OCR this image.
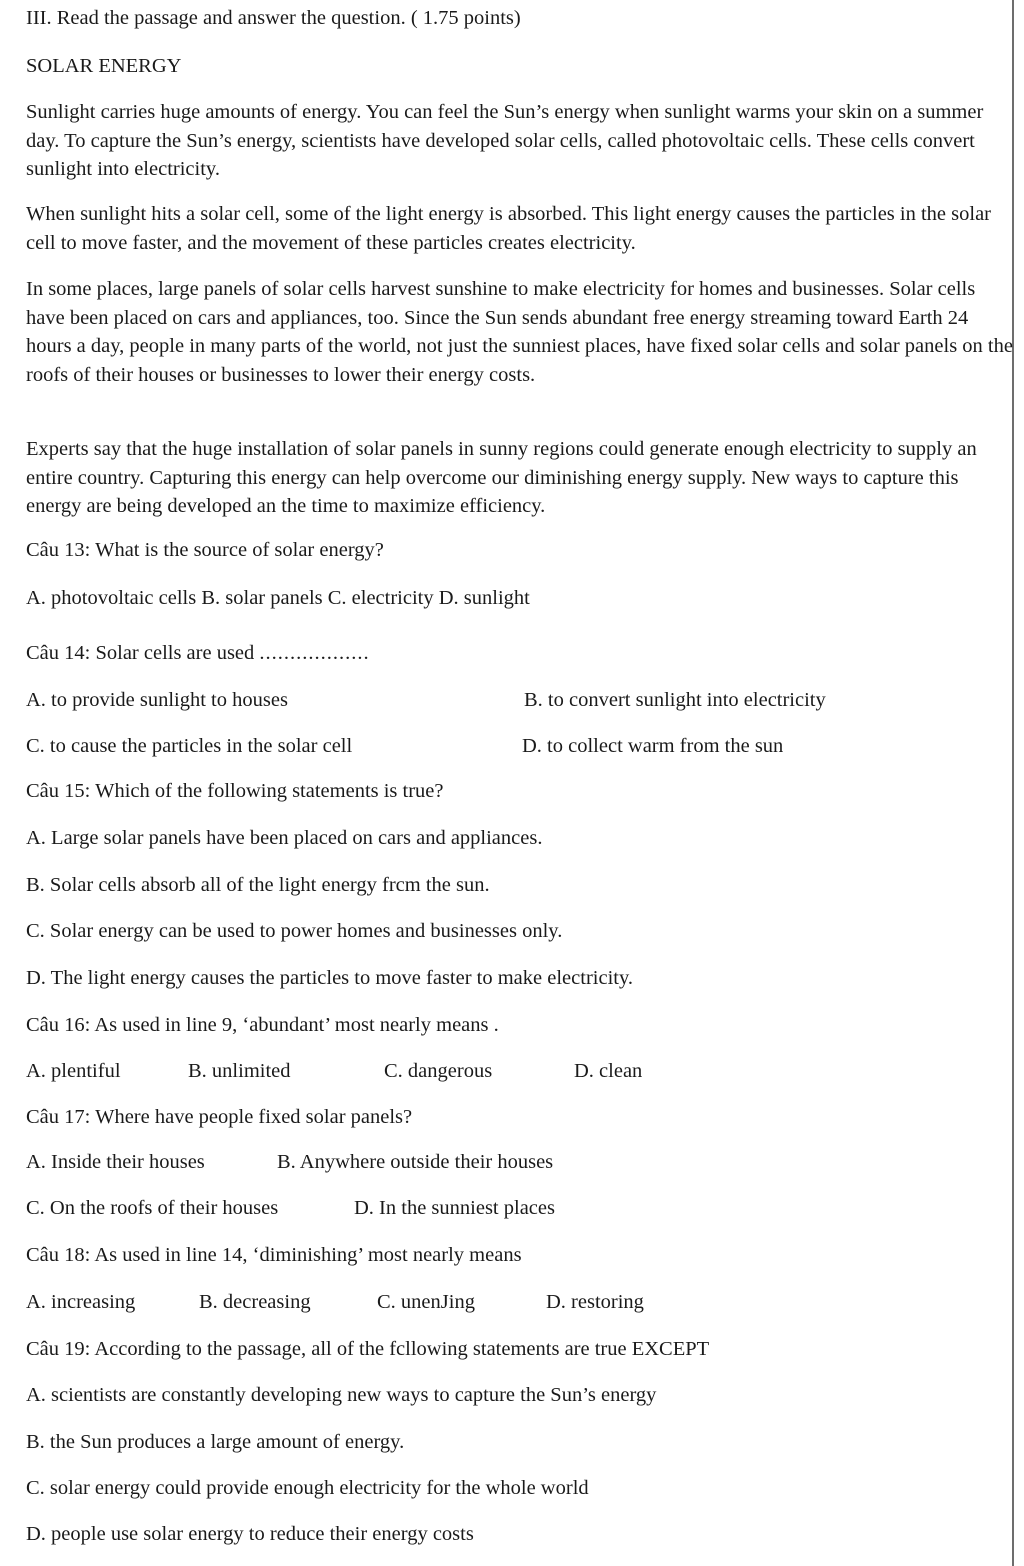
III. Read the passage and answer the question. ( 1.75 points)
SOLAR ENERGY
Sunlight carries huge amounts of energy. You can feel the Sun’s energy when sunlight warms your skin on a summer day. To capture the Sun’s energy, scientists have developed solar cells, called photovoltaic cells. These cells convert sunlight into electricity.
When sunlight hits a solar cell, some of the light energy is absorbed. This light energy causes the particles in the solar cell to move faster, and the movement of these particles creates electricity.
In some places, large panels of solar cells harvest sunshine to make electricity for homes and businesses. Solar cells have been placed on cars and appliances, too. Since the Sun sends abundant free energy streaming toward Earth 24 hours a day, people in many parts of the world, not just the sunniest places, have fixed solar cells and solar panels on the roofs of their houses or businesses to lower their energy costs.
Experts say that the huge installation of solar panels in sunny regions could generate enough electricity to supply an entire country. Capturing this energy can help overcome our diminishing energy supply. New ways to capture this energy are being developed an the time to maximize efficiency.
Câu 13: What is the source of solar energy?
A. photovoltaic cells B. solar panels C. electricity D. sunlight
Câu 14: Solar cells are used ..................
A. to provide sunlight to houses	B. to convert sunlight into electricity
C. to cause the particles in the solar cell	D. to collect warm from the sun
Câu 15: Which of the following statements is true?
A. Large solar panels have been placed on cars and appliances.
B. Solar cells absorb all of the light energy frcm the sun.
C. Solar energy can be used to power homes and businesses only.
D. The light energy causes the particles to move faster to make electricity.
Câu 16: As used in line 9, ‘abundant’ most nearly means .
A. plentiful	B. unlimited	C. dangerous	D. clean
Câu 17: Where have people fixed solar panels?
A. Inside their houses	B. Anywhere outside their houses
C. On the roofs of their houses	D. In the sunniest places
Câu 18: As used in line 14, ‘diminishing’ most nearly means
A. increasing	B. decreasing	C. unenJing	D. restoring
Câu 19: According to the passage, all of the fcllowing statements are true EXCEPT
A. scientists are constantly developing new ways to capture the Sun’s energy
B. the Sun produces a large amount of energy.
C. solar energy could provide enough electricity for the whole world
D. people use solar energy to reduce their energy costs
